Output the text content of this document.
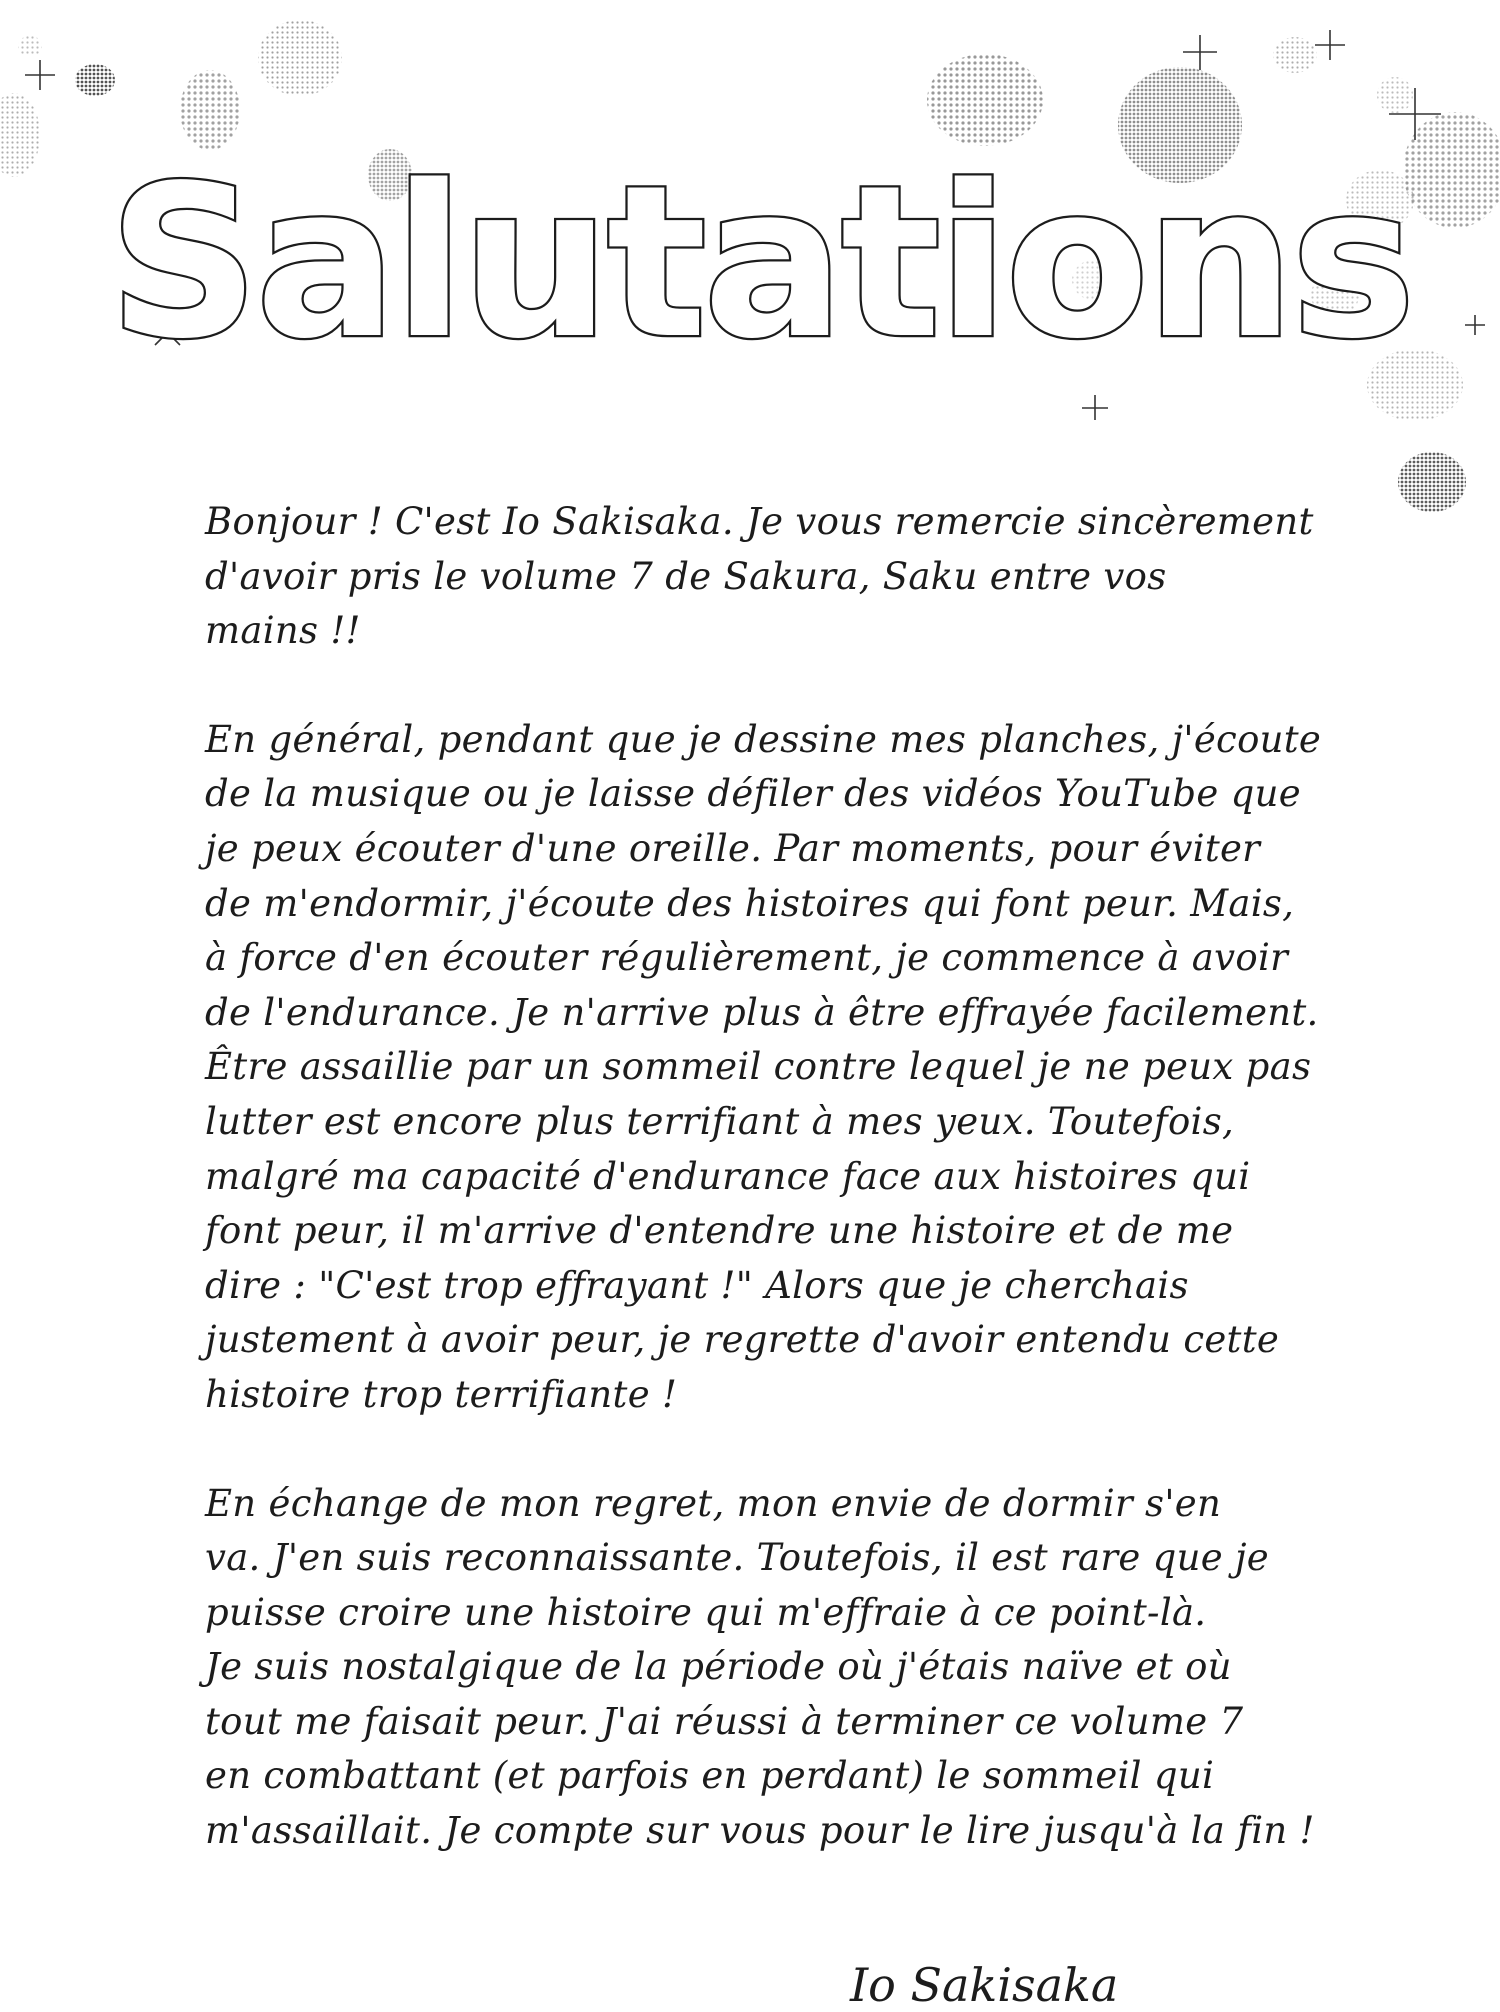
Salutations

Bonjour ! C'est Io Sakisaka. Je vous remercie sincèrement
d'avoir pris le volume 7 de Sakura, Saku entre vos
mains !!

En général, pendant que je dessine mes planches, j'écoute
de la musique ou je laisse défiler des vidéos YouTube que
je peux écouter d'une oreille. Par moments, pour éviter
de m'endormir, j'écoute des histoires qui font peur. Mais,
à force d'en écouter régulièrement, je commence à avoir
de l'endurance. Je n'arrive plus à être effrayée facilement.
Être assaillie par un sommeil contre lequel je ne peux pas
lutter est encore plus terrifiant à mes yeux. Toutefois,
malgré ma capacité d'endurance face aux histoires qui
font peur, il m'arrive d'entendre une histoire et de me
dire : "C'est trop effrayant !" Alors que je cherchais
justement à avoir peur, je regrette d'avoir entendu cette
histoire trop terrifiante !

En échange de mon regret, mon envie de dormir s'en
va. J'en suis reconnaissante. Toutefois, il est rare que je
puisse croire une histoire qui m'effraie à ce point-là.
Je suis nostalgique de la période où j'étais naïve et où
tout me faisait peur. J'ai réussi à terminer ce volume 7
en combattant (et parfois en perdant) le sommeil qui
m'assaillait. Je compte sur vous pour le lire jusqu'à la fin !

Io Sakisaka
